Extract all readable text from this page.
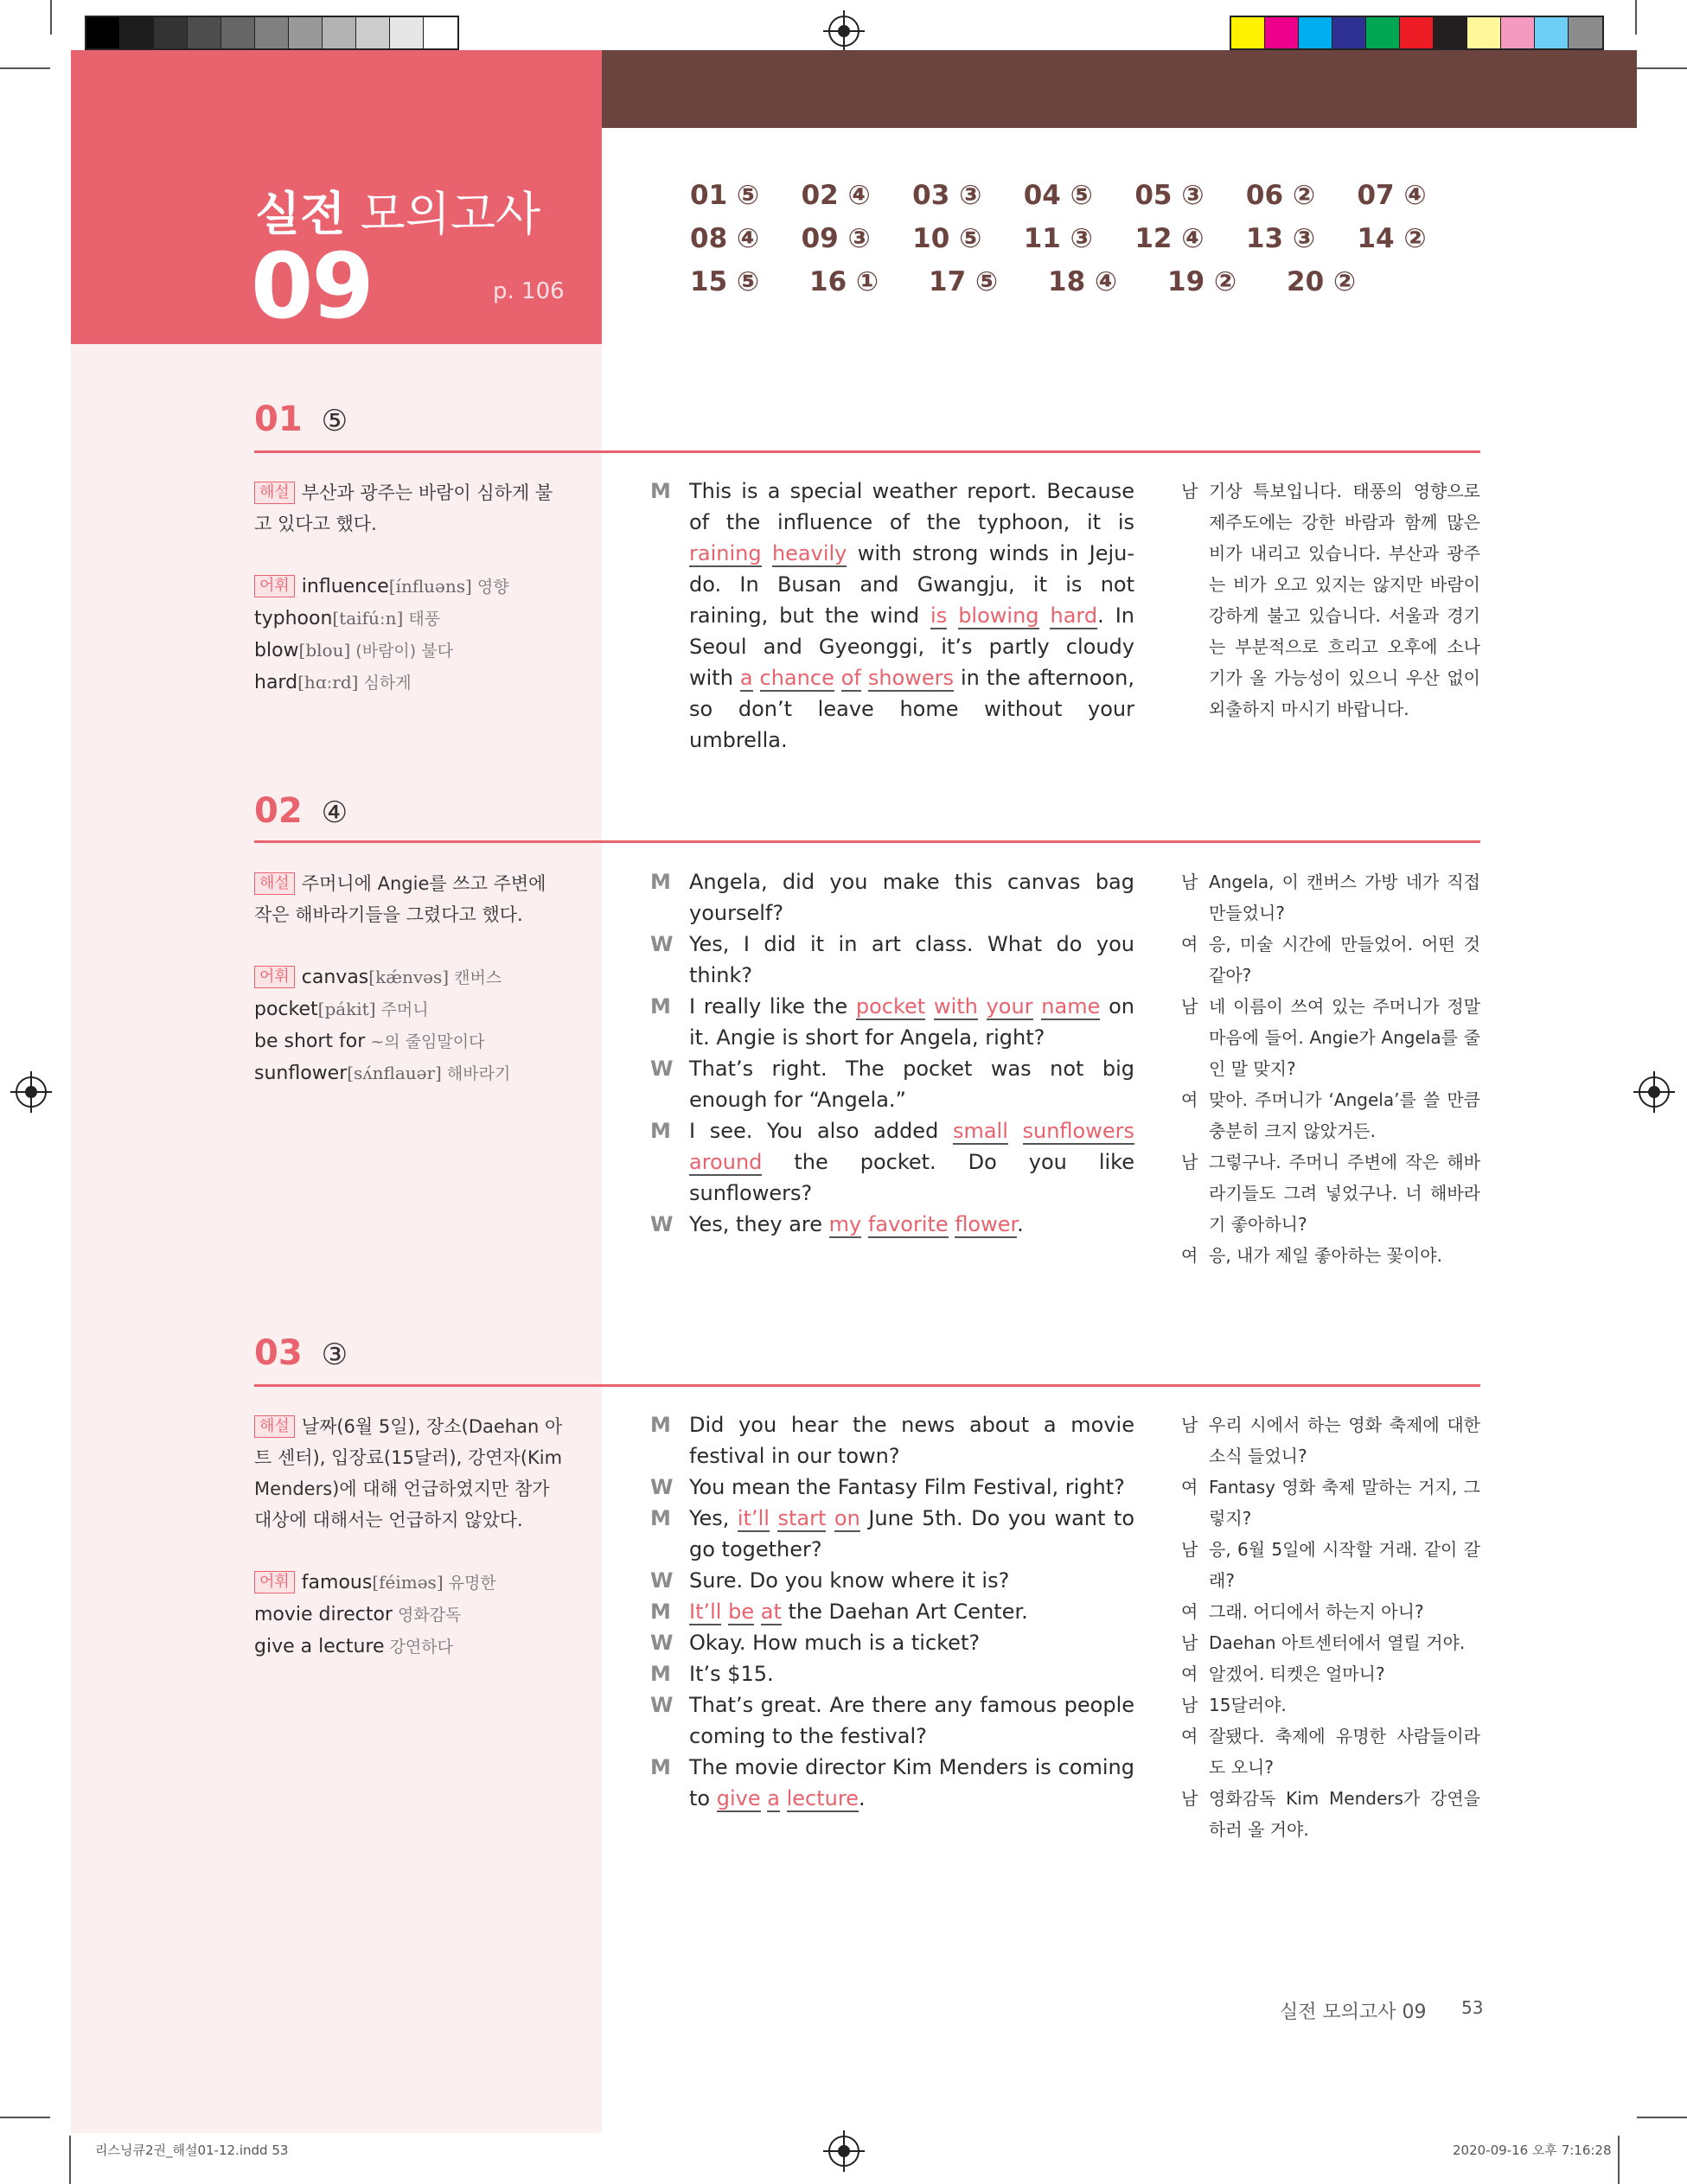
실전 모의고사
09	p. 106
01 ⑤	02 ④	03 ③	04 ⑤	05 ③	06 ②	07 ④
08 ④	09 ③	10 ⑤	11 ③	12 ④	13 ③	14 ②
15 ⑤	16 ①	17 ⑤	18 ④	19 ②	20 ②
01 ⑤
해설 부산과 광주는 바람이 심하게 불고 있다고 했다.

어휘 influence[ínfluəns] 영향
typhoon[taifúːn] 태풍
blow[blou] (바람이) 불다
hard[hɑːrd] 심하게
M This is a special weather report. Because of the influence of the typhoon, it is raining heavily with strong winds in Jeju-do. In Busan and Gwangju, it is not raining, but the wind is blowing hard. In Seoul and Gyeonggi, it’s partly cloudy with a chance of showers in the afternoon, so don’t leave home without your umbrella.
남 기상 특보입니다. 태풍의 영향으로 제주도에는 강한 바람과 함께 많은 비가 내리고 있습니다. 부산과 광주는 비가 오고 있지는 않지만 바람이 강하게 불고 있습니다. 서울과 경기는 부분적으로 흐리고 오후에 소나기가 올 가능성이 있으니 우산 없이 외출하지 마시기 바랍니다.
02 ④
해설 주머니에 Angie를 쓰고 주변에 작은 해바라기들을 그렸다고 했다.

어휘 canvas[kǽnvəs] 캔버스
pocket[pákit] 주머니
be short for ~의 줄임말이다
sunflower[sʌ́nflauər] 해바라기
M Angela, did you make this canvas bag yourself?
W Yes, I did it in art class. What do you think?
M I really like the pocket with your name on it. Angie is short for Angela, right?
W That’s right. The pocket was not big enough for “Angela.”
M I see. You also added small sunflowers around the pocket. Do you like sunflowers?
W Yes, they are my favorite flower.
남 Angela, 이 캔버스 가방 네가 직접 만들었니?
여 응, 미술 시간에 만들었어. 어떤 것 같아?
남 네 이름이 쓰여 있는 주머니가 정말 마음에 들어. Angie가 Angela를 줄인 말 맞지?
여 맞아. 주머니가 ‘Angela’를 쓸 만큼 충분히 크지 않았거든.
남 그렇구나. 주머니 주변에 작은 해바라기들도 그려 넣었구나. 너 해바라기 좋아하니?
여 응, 내가 제일 좋아하는 꽃이야.
03 ③
해설 날짜(6월 5일), 장소(Daehan 아트 센터), 입장료(15달러), 강연자(Kim Menders)에 대해 언급하였지만 참가 대상에 대해서는 언급하지 않았다.

어휘 famous[féiməs] 유명한
movie director 영화감독
give a lecture 강연하다
M Did you hear the news about a movie festival in our town?
W You mean the Fantasy Film Festival, right?
M Yes, it’ll start on June 5th. Do you want to go together?
W Sure. Do you know where it is?
M It’ll be at the Daehan Art Center.
W Okay. How much is a ticket?
M It’s $15.
W That’s great. Are there any famous people coming to the festival?
M The movie director Kim Menders is coming to give a lecture.
남 우리 시에서 하는 영화 축제에 대한 소식 들었니?
여 Fantasy 영화 축제 말하는 거지, 그렇지?
남 응, 6월 5일에 시작할 거래. 같이 갈래?
여 그래. 어디에서 하는지 아니?
남 Daehan 아트센터에서 열릴 거야.
여 알겠어. 티켓은 얼마니?
남 15달러야.
여 잘됐다. 축제에 유명한 사람들이라도 오니?
남 영화감독 Kim Menders가 강연을 하러 올 거야.
실전 모의고사 09 53
리스닝큐2권_해설01-12.indd 53	2020-09-16 오후 7:16:28
